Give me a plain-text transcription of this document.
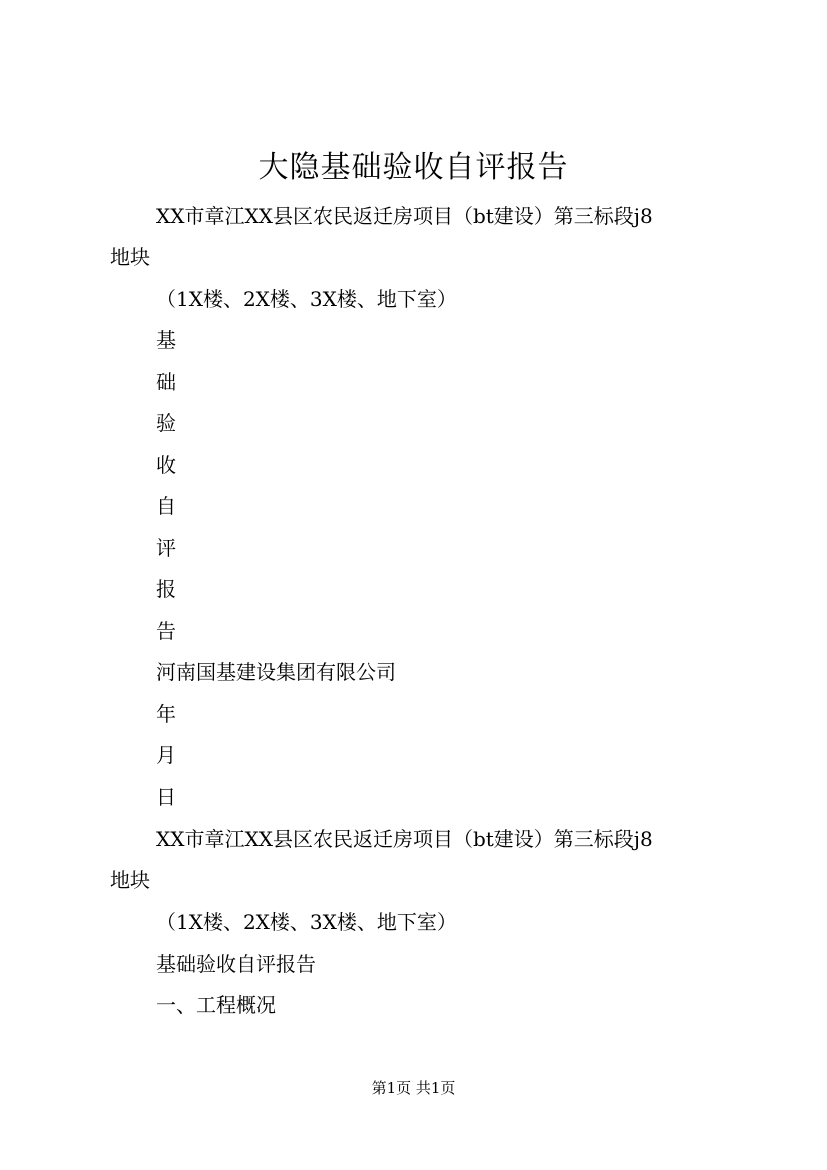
大隐基础验收自评报告
XX市章江XX县区农民返迁房项目（bt建设）第三标段j8
地块
（1X楼、2X楼、3X楼、地下室）
基
础
验
收
自
评
报
告
河南国基建设集团有限公司
年
月
日
XX市章江XX县区农民返迁房项目（bt建设）第三标段j8
地块
（1X楼、2X楼、3X楼、地下室）
基础验收自评报告
一、工程概况
第1页 共1页
